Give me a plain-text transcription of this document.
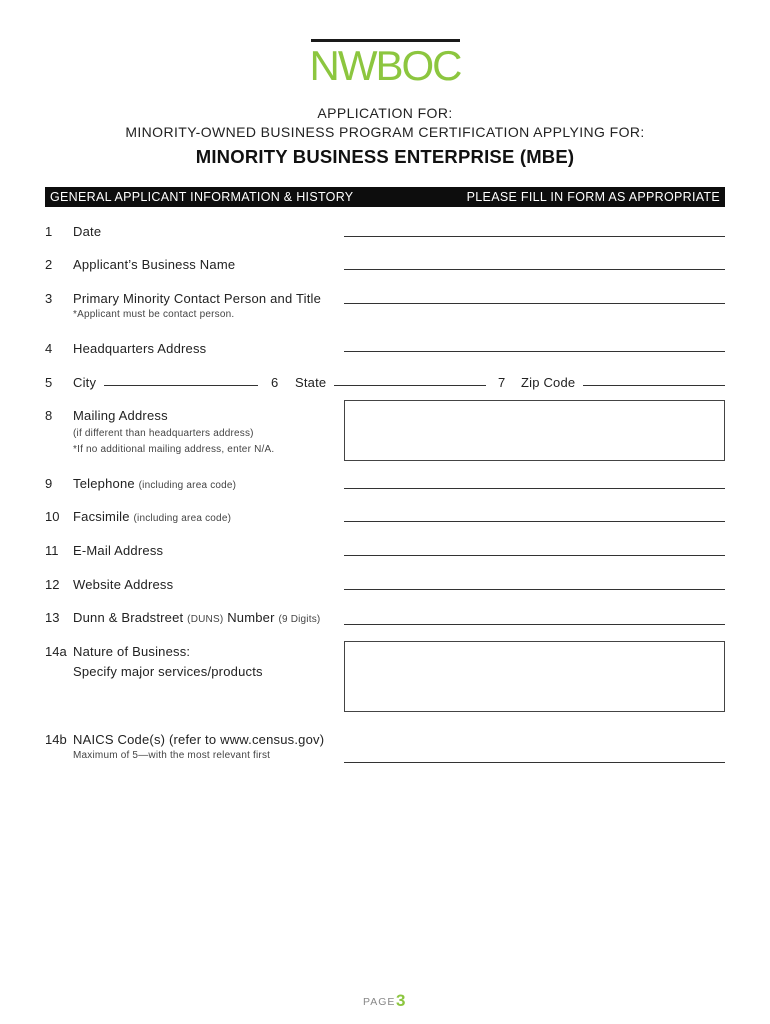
NWBOC
APPLICATION FOR:
MINORITY-OWNED BUSINESS PROGRAM CERTIFICATION APPLYING FOR:
MINORITY BUSINESS ENTERPRISE (MBE)
GENERAL APPLICANT INFORMATION & HISTORY	PLEASE FILL IN FORM AS APPROPRIATE
1 Date
2 Applicant’s Business Name
3 Primary Minority Contact Person and Title
*Applicant must be contact person.
4 Headquarters Address
5 City	6 State	7 Zip Code
8 Mailing Address
(if different than headquarters address)
*If no additional mailing address, enter N/A.
9 Telephone (including area code)
10 Facsimile (including area code)
11 E-Mail Address
12 Website Address
13 Dunn & Bradstreet (DUNS) Number (9 Digits)
14a Nature of Business:
Specify major services/products
14b NAICS Code(s) (refer to www.census.gov)
Maximum of 5—with the most relevant first
PAGE 3
